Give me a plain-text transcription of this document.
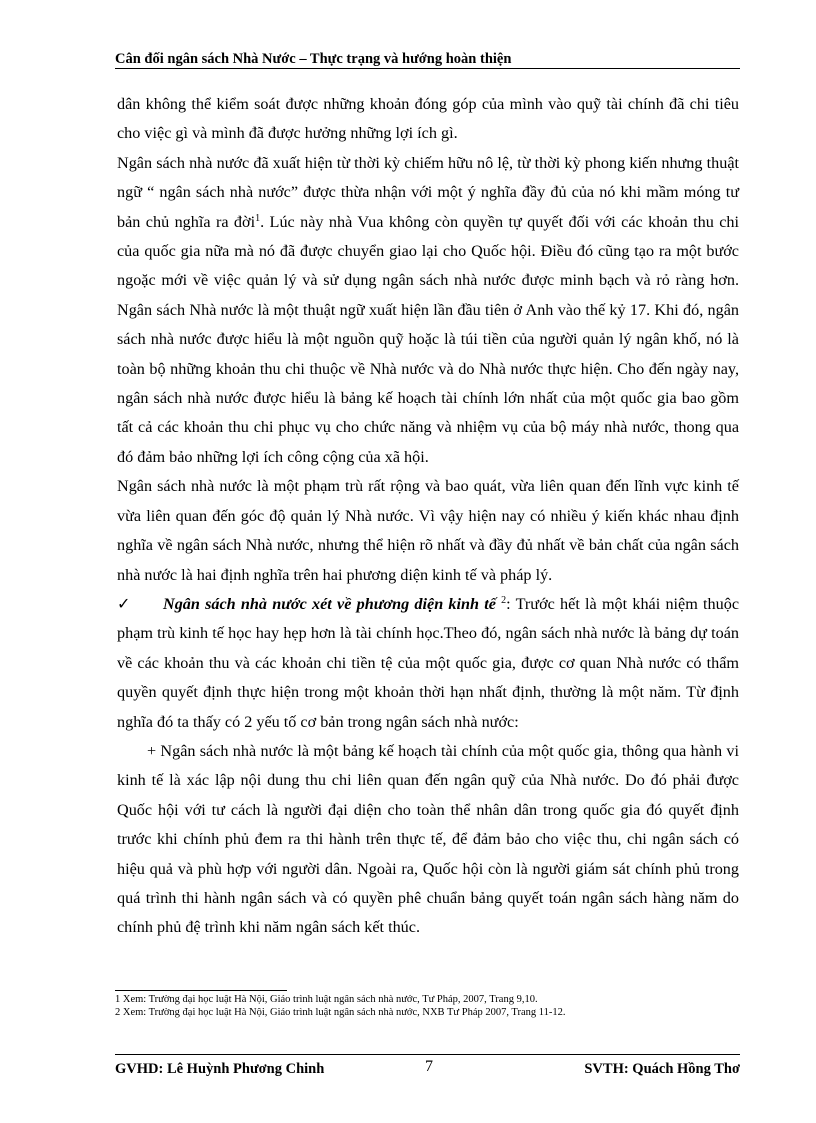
Cân đối ngân sách Nhà Nước – Thực trạng và hướng hoàn thiện

dân không thể kiểm soát được những khoản đóng góp của mình vào quỹ tài chính đã chi tiêu cho việc gì và mình đã được hưởng những lợi ích gì.

Ngân sách nhà nước đã xuất hiện từ thời kỳ chiếm hữu nô lệ, từ thời kỳ phong kiến nhưng thuật ngữ “ ngân sách nhà nước” được thừa nhận với một ý nghĩa đầy đủ của nó khi mầm móng tư bản chủ nghĩa ra đời$^1$. Lúc này nhà Vua không còn quyền tự quyết đối với các khoản thu chi của quốc gia nữa mà nó đã được chuyển giao lại cho Quốc hội. Điều đó cũng tạo ra một bước ngoặc mới về việc quản lý và sử dụng ngân sách nhà nước được minh bạch và rỏ ràng hơn. Ngân sách Nhà nước là một thuật ngữ xuất hiện lần đầu tiên ở Anh vào thế kỷ 17. Khi đó, ngân sách nhà nước được hiểu là một nguồn quỹ hoặc là túi tiền của người quản lý ngân khố, nó là toàn bộ những khoản thu chi thuộc về Nhà nước và do Nhà nước thực hiện. Cho đến ngày nay, ngân sách nhà nước được hiểu là bảng kế hoạch tài chính lớn nhất của một quốc gia bao gồm tất cả các khoản thu chi phục vụ cho chức năng và nhiệm vụ của bộ máy nhà nước, thong qua đó đảm bảo những lợi ích công cộng của xã hội.

Ngân sách nhà nước là một phạm trù rất rộng và bao quát, vừa liên quan đến lĩnh vực kinh tế vừa liên quan đến góc độ quản lý Nhà nước. Vì vậy hiện nay có nhiều ý kiến khác nhau định nghĩa về ngân sách Nhà nước, nhưng thể hiện rõ nhất và đầy đủ nhất về bản chất của ngân sách nhà nước là hai định nghĩa trên hai phương diện kinh tế và pháp lý.

✓ Ngân sách nhà nước xét về phương diện kinh tế $^2$: Trước hết là một khái niệm thuộc phạm trù kinh tế học hay hẹp hơn là tài chính học.Theo đó, ngân sách nhà nước là bảng dự toán về các khoản thu và các khoản chi tiền tệ của một quốc gia, được cơ quan Nhà nước có thẩm quyền quyết định thực hiện trong một khoản thời hạn nhất định, thường là một năm. Từ định nghĩa đó ta thấy có 2 yếu tố cơ bản trong ngân sách nhà nước:

+ Ngân sách nhà nước là một bảng kế hoạch tài chính của một quốc gia, thông qua hành vi kinh tế là xác lập nội dung thu chi liên quan đến ngân quỹ của Nhà nước. Do đó phải được Quốc hội với tư cách là người đại diện cho toàn thể nhân dân trong quốc gia đó quyết định trước khi chính phủ đem ra thi hành trên thực tế, để đảm bảo cho việc thu, chi ngân sách có hiệu quả và phù hợp với người dân. Ngoài ra, Quốc hội còn là người giám sát chính phủ trong quá trình thi hành ngân sách và có quyền phê chuẩn bảng quyết toán ngân sách hàng năm do chính phủ đệ trình khi năm ngân sách kết thúc.

1 Xem: Trường đại học luật Hà Nội, Giáo trình luật ngân sách nhà nước, Tư Pháp, 2007, Trang 9,10.
2 Xem: Trường đại học luật Hà Nội, Giáo trình luật ngân sách nhà nước, NXB Tư Pháp 2007, Trang 11-12.
GVHD: Lê Huỳnh Phương Chinh	7	SVTH: Quách Hồng Thơ
